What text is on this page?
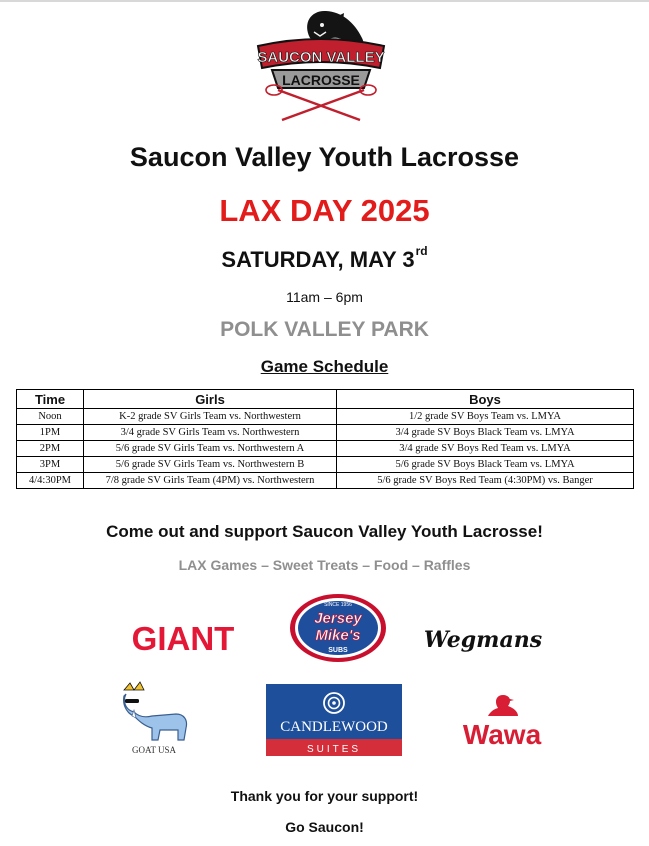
SAUCON VALLEY
LACROSSE
Saucon Valley Youth Lacrosse
LAX DAY 2025
SATURDAY, MAY 3rd
11am – 6pm
POLK VALLEY PARK
Game Schedule
Time	Girls	Boys
Noon	K-2 grade SV Girls Team vs. Northwestern	1/2 grade SV Boys Team vs. LMYA
1PM	3/4 grade SV Girls Team vs. Northwestern	3/4 grade SV Boys Black Team vs. LMYA
2PM	5/6 grade SV Girls Team vs. Northwestern A	3/4 grade SV Boys Red Team vs. LMYA
3PM	5/6 grade SV Girls Team vs. Northwestern B	5/6 grade SV Boys Black Team vs. LMYA
4/4:30PM	7/8 grade SV Girls Team (4PM) vs. Northwestern	5/6 grade SV Boys Red Team (4:30PM) vs. Banger
Come out and support Saucon Valley Youth Lacrosse!
LAX Games – Sweet Treats – Food – Raffles
GIANT
SINCE 1956
Jersey
Mike's
SUBS	Wegmans
GOAT USA
CANDLEWOOD
SUITES	Wawa
Thank you for your support!
Go Saucon!
